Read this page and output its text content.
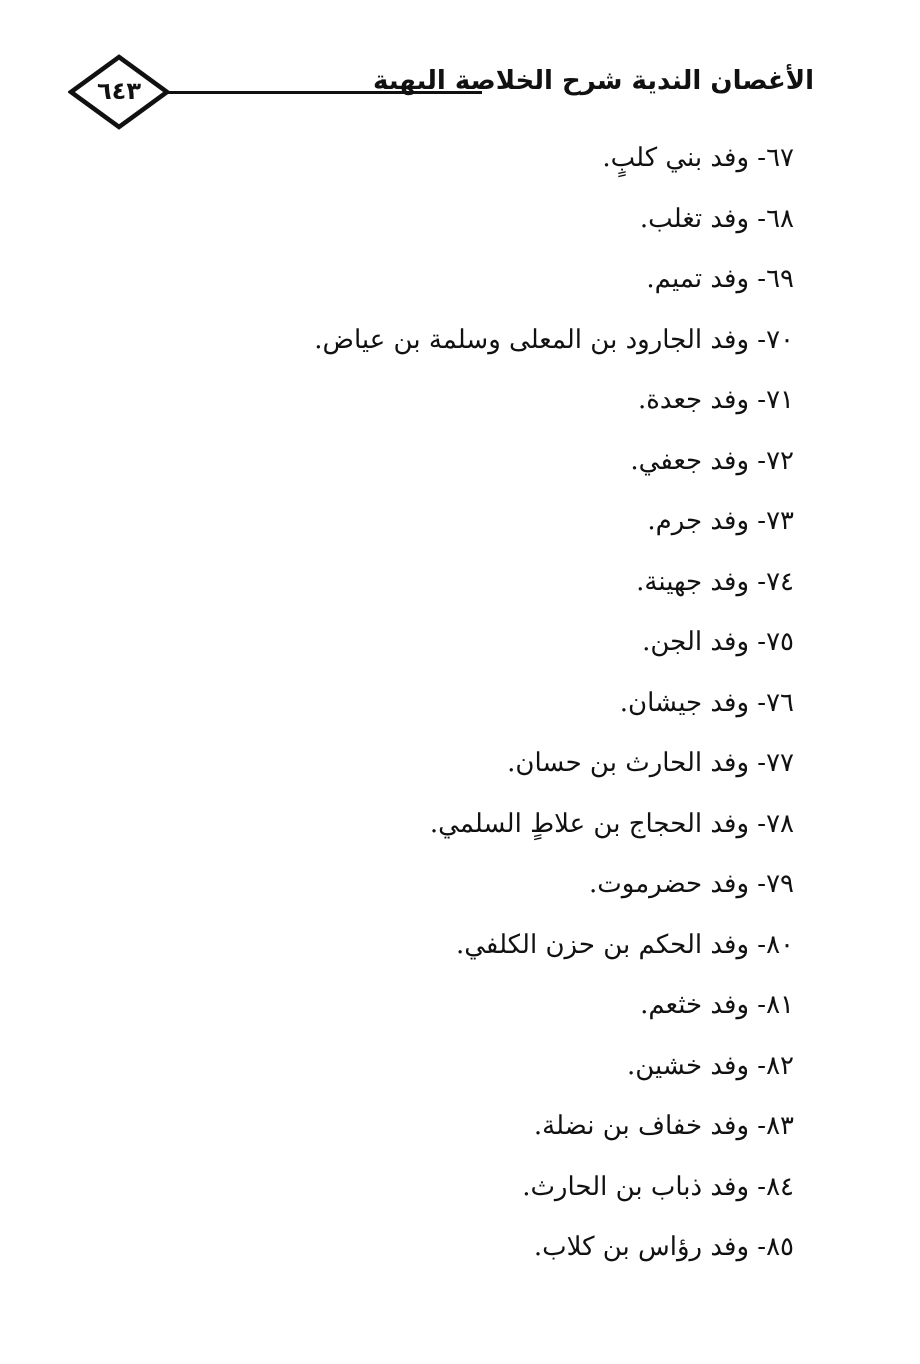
٦٤٣	الأغصان الندية شرح الخلاصة البهية
٦٧- وفد بني كلبٍ.
٦٨- وفد تغلب.
٦٩- وفد تميم.
٧٠- وفد الجارود بن المعلى وسلمة بن عياض.
٧١- وفد جعدة.
٧٢- وفد جعفي.
٧٣- وفد جرم.
٧٤- وفد جهينة.
٧٥- وفد الجن.
٧٦- وفد جيشان.
٧٧- وفد الحارث بن حسان.
٧٨- وفد الحجاج بن علاطٍ السلمي.
٧٩- وفد حضرموت.
٨٠- وفد الحكم بن حزن الكلفي.
٨١- وفد خثعم.
٨٢- وفد خشين.
٨٣- وفد خفاف بن نضلة.
٨٤- وفد ذباب بن الحارث.
٨٥- وفد رؤاس بن كلاب.
